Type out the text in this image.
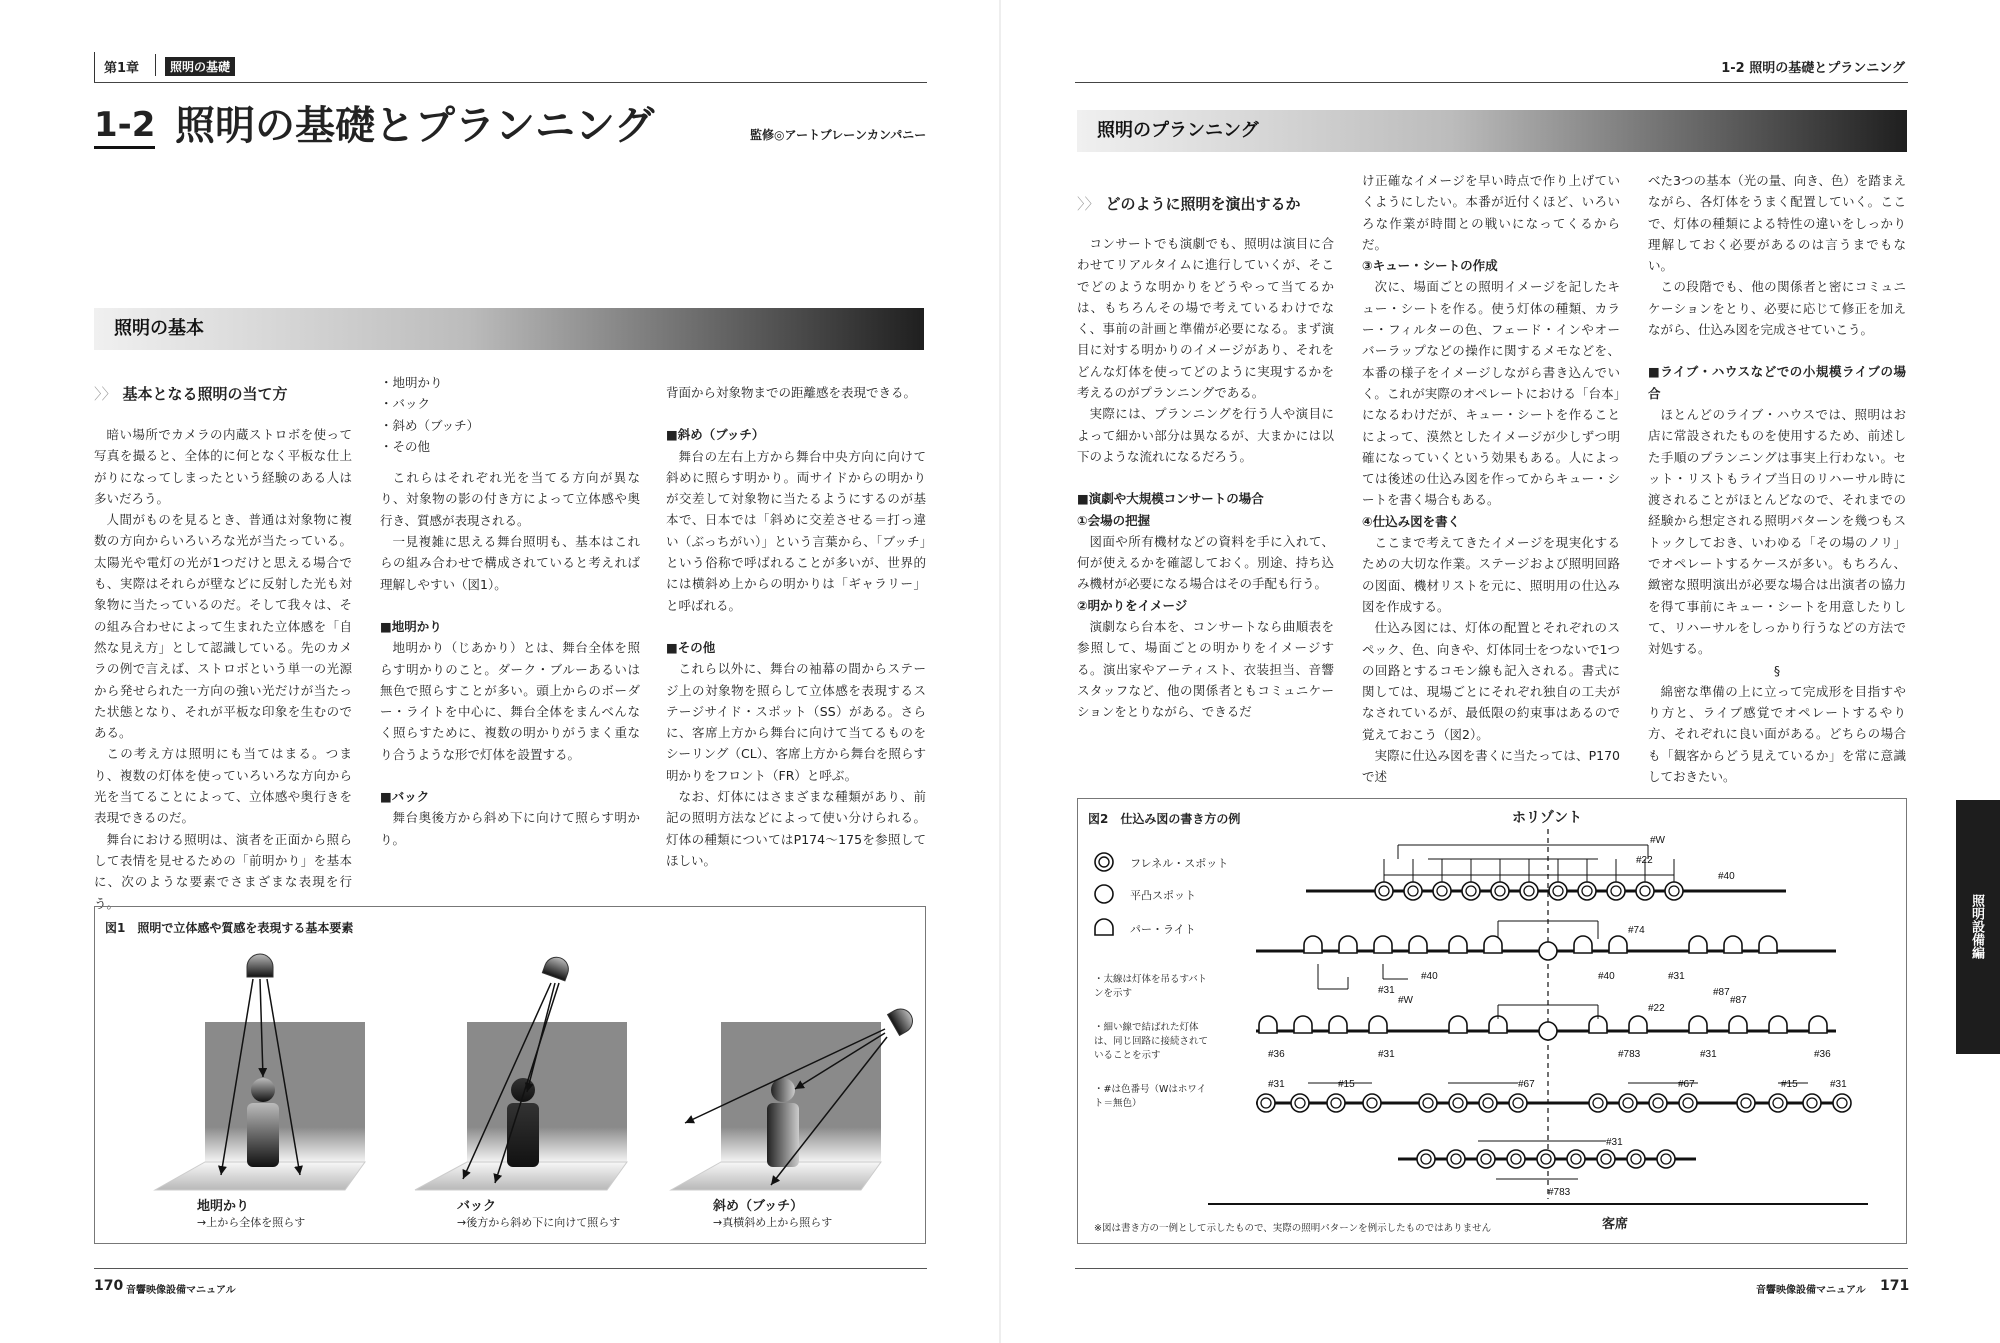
第1章	照明の基礎	1-2 照明の基礎とプランニング
1-2 照明の基礎とプランニング	監修◎アートブレーンカンパニー
照明の基本
〉〉 基本となる照明の当て方

暗い場所でカメラの内蔵ストロボを使って写真を撮ると、全体的に何となく平板な仕上がりになってしまったという経験のある人は多いだろう。

人間がものを見るとき、普通は対象物に複数の方向からいろいろな光が当たっている。太陽光や電灯の光が1つだけと思える場合でも、実際はそれらが壁などに反射した光も対象物に当たっているのだ。そして我々は、その組み合わせによって生まれた立体感を「自然な見え方」として認識している。先のカメラの例で言えば、ストロボという単一の光源から発せられた一方向の強い光だけが当たった状態となり、それが平板な印象を生むのである。

この考え方は照明にも当てはまる。つまり、複数の灯体を使っていろいろな方向から光を当てることによって、立体感や奥行きを表現できるのだ。

舞台における照明は、演者を正面から照らして表情を見せるための「前明かり」を基本に、次のような要素でさまざまな表現を行う。

・地明かり

・バック

・斜め（ブッチ）

・その他

これらはそれぞれ光を当てる方向が異なり、対象物の影の付き方によって立体感や奥行き、質感が表現される。

一見複雑に思える舞台照明も、基本はこれらの組み合わせで構成されていると考えれば理解しやすい（図1）。

■地明かり

地明かり（じあかり）とは、舞台全体を照らす明かりのこと。ダーク・ブルーあるいは無色で照らすことが多い。頭上からのボーダー・ライトを中心に、舞台全体をまんべんなく照らすために、複数の明かりがうまく重なり合うような形で灯体を設置する。

■バック

舞台奥後方から斜め下に向けて照らす明かり。

背面から対象物までの距離感を表現できる。

■斜め（ブッチ）

舞台の左右上方から舞台中央方向に向けて斜めに照らす明かり。両サイドからの明かりが交差して対象物に当たるようにするのが基本で、日本では「斜めに交差させる＝打っ違い（ぶっちがい）」という言葉から、「ブッチ」という俗称で呼ばれることが多いが、世界的には横斜め上からの明かりは「ギャラリー」と呼ばれる。

■その他

これら以外に、舞台の袖幕の間からステージ上の対象物を照らして立体感を表現するステージサイド・スポット（SS）がある。さらに、客席上方から舞台に向けて当てるものをシーリング（CL）、客席上方から舞台を照らす明かりをフロント（FR）と呼ぶ。

なお、灯体にはさまざまな種類があり、前記の照明方法などによって使い分けられる。灯体の種類についてはP174〜175を参照してほしい。

図1　照明で立体感や質感を表現する基本要素
地明かり
→上から全体を照らす
バック
→後方から斜め下に向けて照らす
斜め（ブッチ）
→真横斜め上から照らす
170 音響映像設備マニュアル
照明のプランニング
〉〉 どのように照明を演出するか

コンサートでも演劇でも、照明は演目に合わせてリアルタイムに進行していくが、そこでどのような明かりをどうやって当てるかは、もちろんその場で考えているわけでなく、事前の計画と準備が必要になる。まず演目に対する明かりのイメージがあり、それをどんな灯体を使ってどのように実現するかを考えるのがプランニングである。

実際には、プランニングを行う人や演目によって細かい部分は異なるが、大まかには以下のような流れになるだろう。

■演劇や大規模コンサートの場合

①会場の把握

図面や所有機材などの資料を手に入れて、何が使えるかを確認しておく。別途、持ち込み機材が必要になる場合はその手配も行う。

②明かりをイメージ

演劇なら台本を、コンサートなら曲順表を参照して、場面ごとの明かりをイメージする。演出家やアーティスト、衣装担当、音響スタッフなど、他の関係者ともコミュニケーションをとりながら、できるだ

け正確なイメージを早い時点で作り上げていくようにしたい。本番が近付くほど、いろいろな作業が時間との戦いになってくるからだ。

③キュー・シートの作成

次に、場面ごとの照明イメージを記したキュー・シートを作る。使う灯体の種類、カラー・フィルターの色、フェード・インやオーバーラップなどの操作に関するメモなどを、本番の様子をイメージしながら書き込んでいく。これが実際のオペレートにおける「台本」になるわけだが、キュー・シートを作ることによって、漠然としたイメージが少しずつ明確になっていくという効果もある。人によっては後述の仕込み図を作ってからキュー・シートを書く場合もある。

④仕込み図を書く

ここまで考えてきたイメージを現実化するための大切な作業。ステージおよび照明回路の図面、機材リストを元に、照明用の仕込み図を作成する。

仕込み図には、灯体の配置とそれぞれのスペック、色、向きや、灯体同士をつないで1つの回路とするコモン線も記入される。書式に関しては、現場ごとにそれぞれ独自の工夫がなされているが、最低限の約束事はあるので覚えておこう（図2）。

実際に仕込み図を書くに当たっては、P170で述

べた3つの基本（光の量、向き、色）を踏まえながら、各灯体をうまく配置していく。ここで、灯体の種類による特性の違いをしっかり理解しておく必要があるのは言うまでもない。

この段階でも、他の関係者と密にコミュニケーションをとり、必要に応じて修正を加えながら、仕込み図を完成させていこう。

■ライブ・ハウスなどでの小規模ライブの場合

ほとんどのライブ・ハウスでは、照明はお店に常設されたものを使用するため、前述した手順のプランニングは事実上行わない。セット・リストもライブ当日のリハーサル時に渡されることがほとんどなので、それまでの経験から想定される照明パターンを幾つもストックしておき、いわゆる「その場のノリ」でオペレートするケースが多い。もちろん、緻密な照明演出が必要な場合は出演者の協力を得て事前にキュー・シートを用意したりして、リハーサルをしっかり行うなどの方法で対処する。

§

綿密な準備の上に立って完成形を目指すやり方と、ライブ感覚でオペレートするやり方、それぞれに良い面がある。どちらの場合も「観客からどう見えているか」を常に意識しておきたい。

照明設備編
図2　仕込み図の書き方の例	ホリゾント
客席
※図は書き方の一例として示したもので、実際の照明パターンを例示したものではありません
フレネル・スポット
平凸スポット
パー・ライト
・太線は灯体を吊るすバトンを示す
・細い線で結ばれた灯体は、同じ回路に接続されていることを示す
・#は色番号（Wはホワイト＝無色）
#W
#22
#40
#74
#40
#31
#W
#40	#31
#87
#87
#22
#36	#31	#783	#31	#36
#31	#15	#67	#67	#15	#31
#31
#783
音響映像設備マニュアル 171
